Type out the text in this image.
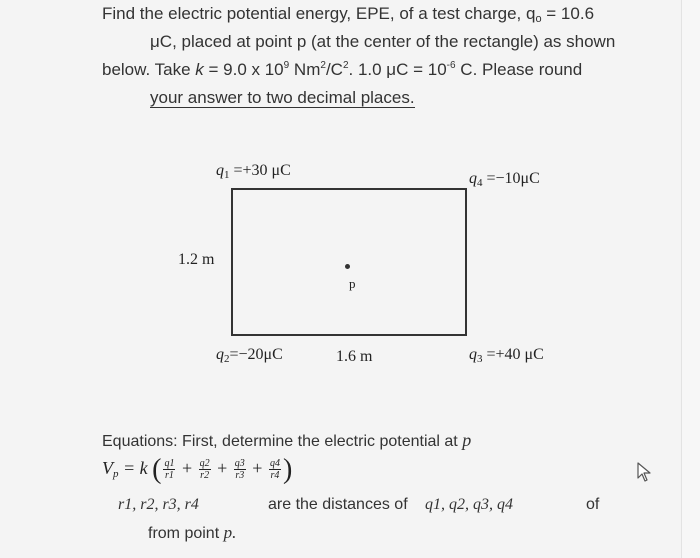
Find the electric potential energy, EPE, of a test charge, $q_o = 10.6$
μC, placed at point p (at the center of the rectangle) as shown
below. Take k = 9.0 x $10^9$ $Nm^2/C^2$. 1.0 $\mu C = 10^{-6}$ C. Please round
your answer to two decimal places.
$q_1 =+30$ μC	$q_4 =-10\mu C$
1.2 m
p
$q_2=-20\mu C$	1.6 m	$q_3 =+40$ μC
Equations: First, determine the electric potential at p
$V_p = k$ ( $\frac{q1}{r1} + \frac{q2}{r2} + \frac{q3}{r3} + \frac{q4}{r4}$ )
r1, r2, r3, r4	are the distances of q1, q2, q3, q4	of
from point p.
